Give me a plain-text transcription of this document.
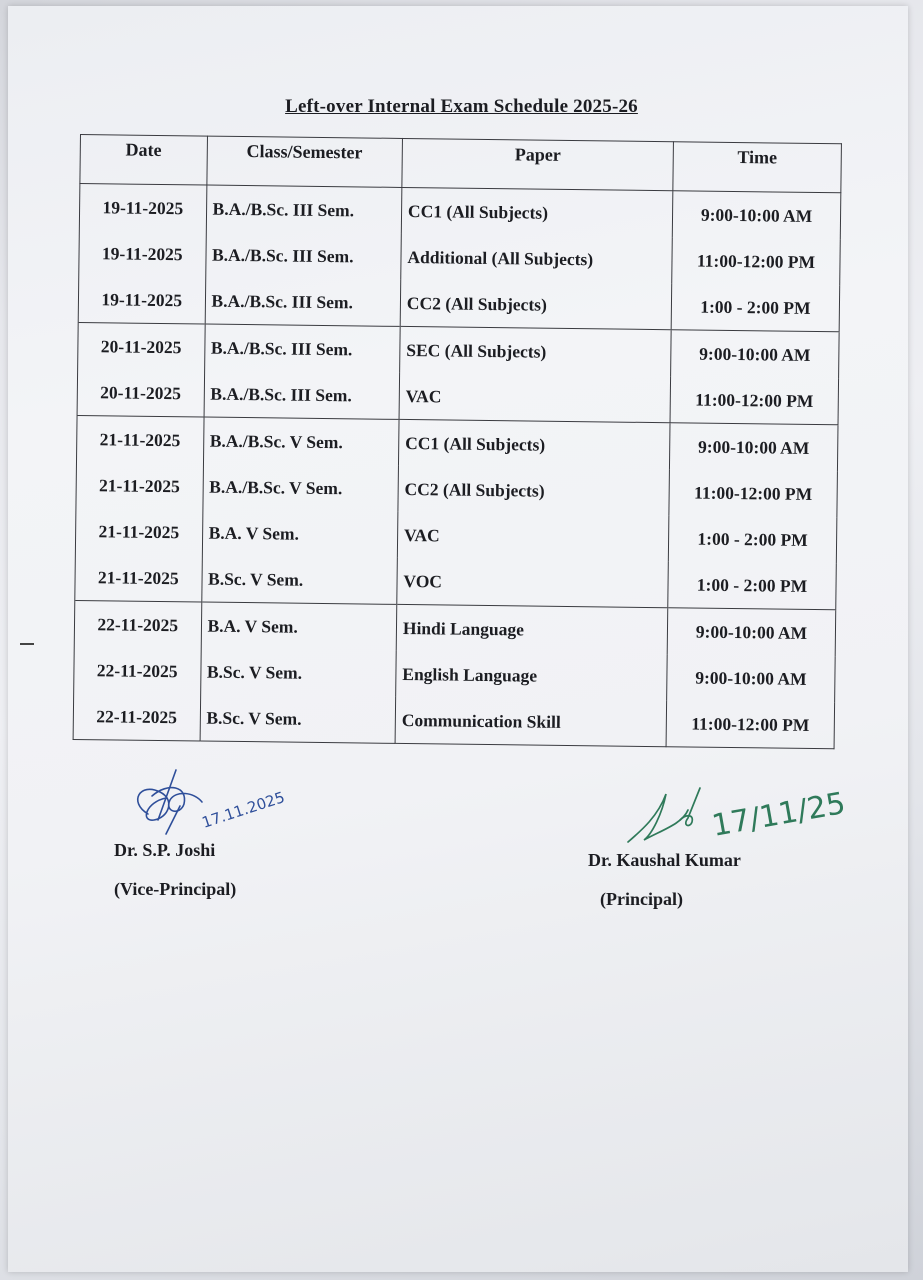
Left-over Internal Exam Schedule 2025-26
Date	Class/Semester	Paper	Time
19-11-2025	B.A./B.Sc. III Sem.	CC1 (All Subjects)	9:00-10:00 AM
19-11-2025	B.A./B.Sc. III Sem.	Additional (All Subjects)	11:00-12:00 PM
19-11-2025	B.A./B.Sc. III Sem.	CC2 (All Subjects)	1:00 - 2:00 PM
20-11-2025	B.A./B.Sc. III Sem.	SEC (All Subjects)	9:00-10:00 AM
20-11-2025	B.A./B.Sc. III Sem.	VAC	11:00-12:00 PM
21-11-2025	B.A./B.Sc. V Sem.	CC1 (All Subjects)	9:00-10:00 AM
21-11-2025	B.A./B.Sc. V Sem.	CC2 (All Subjects)	11:00-12:00 PM
21-11-2025	B.A. V Sem.	VAC	1:00 - 2:00 PM
21-11-2025	B.Sc. V Sem.	VOC	1:00 - 2:00 PM
22-11-2025	B.A. V Sem.	Hindi Language	9:00-10:00 AM
22-11-2025	B.Sc. V Sem.	English Language	9:00-10:00 AM
22-11-2025	B.Sc. V Sem.	Communication Skill	11:00-12:00 PM
17.11.2025	17/11/25
Dr. S.P. Joshi
(Vice-Principal)
Dr. Kaushal Kumar
(Principal)
